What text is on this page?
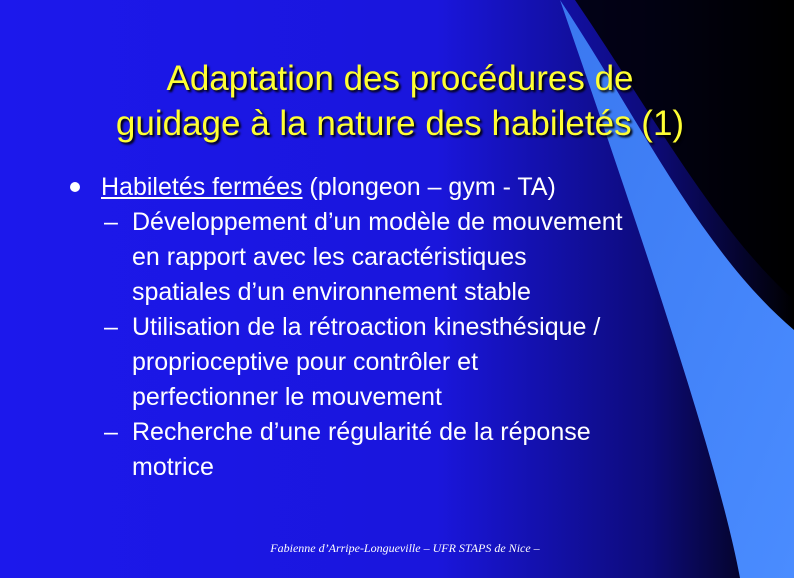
Adaptation des procédures de
guidage à la nature des habiletés (1)
Habiletés fermées (plongeon – gym - TA)
– Développement d’un modèle de mouvement
en rapport avec les caractéristiques
spatiales d’un environnement stable
– Utilisation de la rétroaction kinesthésique /
proprioceptive pour contrôler et
perfectionner le mouvement
– Recherche d’une régularité de la réponse
motrice
Fabienne d’Arripe-Longueville – UFR STAPS de Nice –
